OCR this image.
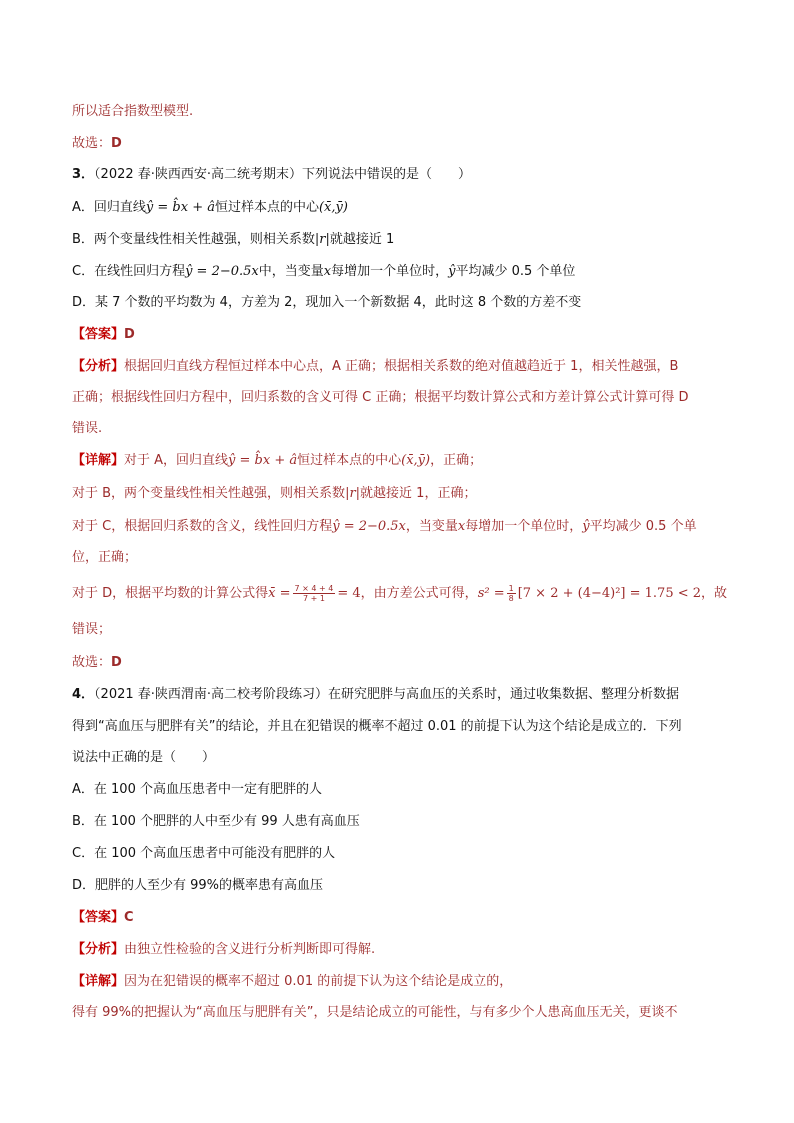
所以适合指数型模型.
故选：D
3．（2022 春·陕西西安·高二统考期末）下列说法中错误的是（　　）
A．回归直线ŷ = b̂x + â恒过样本点的中心(x̄,ȳ)
B．两个变量线性相关性越强，则相关系数|r|就越接近 1
C．在线性回归方程ŷ = 2−0.5x中，当变量x每增加一个单位时，ŷ平均减少 0.5 个单位
D．某 7 个数的平均数为 4，方差为 2，现加入一个新数据 4，此时这 8 个数的方差不变
【答案】D
【分析】根据回归直线方程恒过样本中心点，A 正确；根据相关系数的绝对值越趋近于 1，相关性越强，B
正确；根据线性回归方程中，回归系数的含义可得 C 正确；根据平均数计算公式和方差计算公式计算可得 D
错误.
【详解】对于 A，回归直线ŷ = b̂x + â恒过样本点的中心(x̄,ȳ)，正确；
对于 B，两个变量线性相关性越强，则相关系数|r|就越接近 1，正确；
对于 C，根据回归系数的含义，线性回归方程ŷ = 2−0.5x，当变量x每增加一个单位时，ŷ平均减少 0.5 个单
位，正确；
对于 D，根据平均数的计算公式得x̄ = $\frac{7 \times 4 + 4}{7 + 1} = 4$，由方差公式可得，$s^2 = \frac{1}{8} [7 \times 2 + (4-4)^2] = 1.75 < 2$，故
错误；
故选：D
4．（2021 春·陕西渭南·高二校考阶段练习）在研究肥胖与高血压的关系时，通过收集数据、整理分析数据
得到“高血压与肥胖有关”的结论，并且在犯错误的概率不超过 0.01 的前提下认为这个结论是成立的．下列
说法中正确的是（　　）
A．在 100 个高血压患者中一定有肥胖的人
B．在 100 个肥胖的人中至少有 99 人患有高血压
C．在 100 个高血压患者中可能没有肥胖的人
D．肥胖的人至少有 99%的概率患有高血压
【答案】C
【分析】由独立性检验的含义进行分析判断即可得解.
【详解】因为在犯错误的概率不超过 0.01 的前提下认为这个结论是成立的，
得有 99%的把握认为“高血压与肥胖有关”，只是结论成立的可能性，与有多少个人患高血压无关，更谈不
